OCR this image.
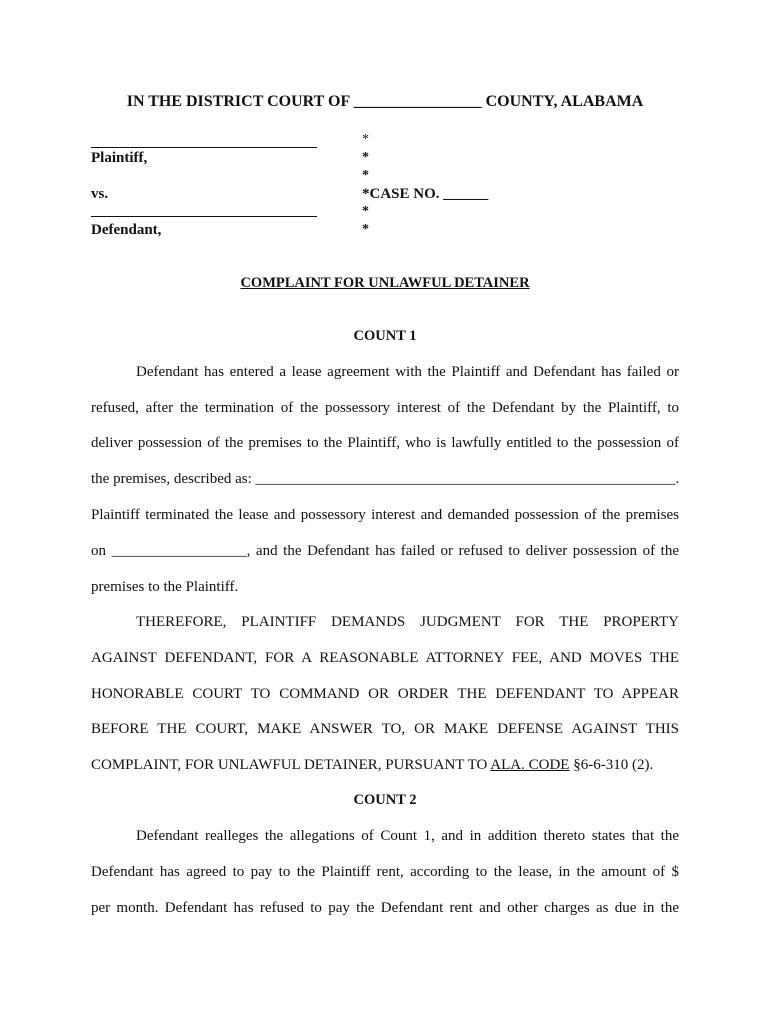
IN THE DISTRICT COURT OF ________________ COUNTY, ALABAMA
Plaintiff,
vs.
Defendant,
*
*
*
*CASE NO. ______
*
*
COMPLAINT FOR UNLAWFUL DETAINER
COUNT 1
Defendant has entered a lease agreement with the Plaintiff and Defendant has failed or
refused, after the termination of the possessory interest of the Defendant by the Plaintiff, to
deliver possession of the premises to the Plaintiff, who is lawfully entitled to the possession of
the premises, described as: ________________________________________________________.
Plaintiff terminated the lease and possessory interest and demanded possession of the premises
on __________________, and the Defendant has failed or refused to deliver possession of the
premises to the Plaintiff.
THEREFORE, PLAINTIFF DEMANDS JUDGMENT FOR THE PROPERTY
AGAINST DEFENDANT, FOR A REASONABLE ATTORNEY FEE, AND MOVES THE
HONORABLE COURT TO COMMAND OR ORDER THE DEFENDANT TO APPEAR
BEFORE THE COURT, MAKE ANSWER TO, OR MAKE DEFENSE AGAINST THIS
COMPLAINT, FOR UNLAWFUL DETAINER, PURSUANT TO ALA. CODE §6-6-310 (2).
COUNT 2
Defendant realleges the allegations of Count 1, and in addition thereto states that the
Defendant has agreed to pay to the Plaintiff rent, according to the lease, in the amount of $
per month. Defendant has refused to pay the Defendant rent and other charges as due in the
